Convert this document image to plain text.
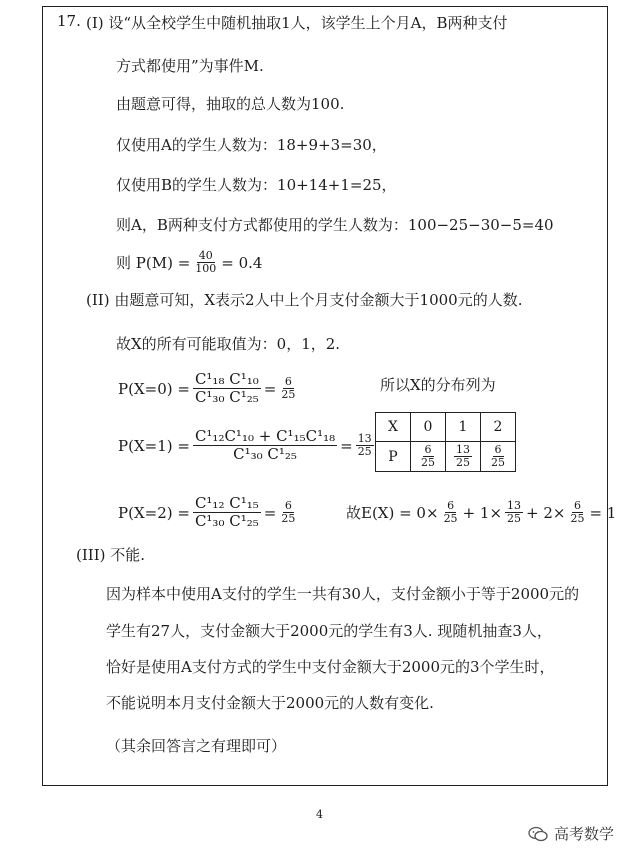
17. (I) 设“从全校学生中随机抽取1人，该学生上个月A，B两种支付
方式都使用”为事件M.
由题意可得，抽取的总人数为100.
仅使用A的学生人数为：18+9+3=30，
仅使用B的学生人数为：10+14+1=25，
则A，B两种支付方式都使用的学生人数为：100−25−30−5=40
则 $P(M) = \frac{40}{100} = 0.4$
(II) 由题意可知，X表示2人中上个月支付金额大于1000元的人数.
故X的所有可能取值为：0，1，2.
$P(X=0) = \frac{\text{C¹₁₈ C¹₁₀}}{\text{C¹₃₀ C¹₂₅}} = \frac{6}{25}$	所以X的分布列为
$P(X=1) = \frac{\text{C¹₁₂C¹₁₀ + C¹₁₅C¹₁₈}}{\text{C¹₃₀ C¹₂₅}} = \frac{13}{25}$
X	0	1	2
P	$\frac{6}{25}$	$\frac{13}{25}$	$\frac{6}{25}$
$P(X=2) = \frac{\text{C¹₁₂ C¹₁₅}}{\text{C¹₃₀ C¹₂₅}} = \frac{6}{25}$	故$E(X) = 0\times \frac{6}{25} + 1\times \frac{13}{25} + 2\times \frac{6}{25} = 1$
(III) 不能.
因为样本中使用A支付的学生一共有30人，支付金额小于等于2000元的
学生有27人，支付金额大于2000元的学生有3人. 现随机抽查3人，
恰好是使用A支付方式的学生中支付金额大于2000元的3个学生时，
不能说明本月支付金额大于2000元的人数有变化.
（其余回答言之有理即可）
4
高考数学
